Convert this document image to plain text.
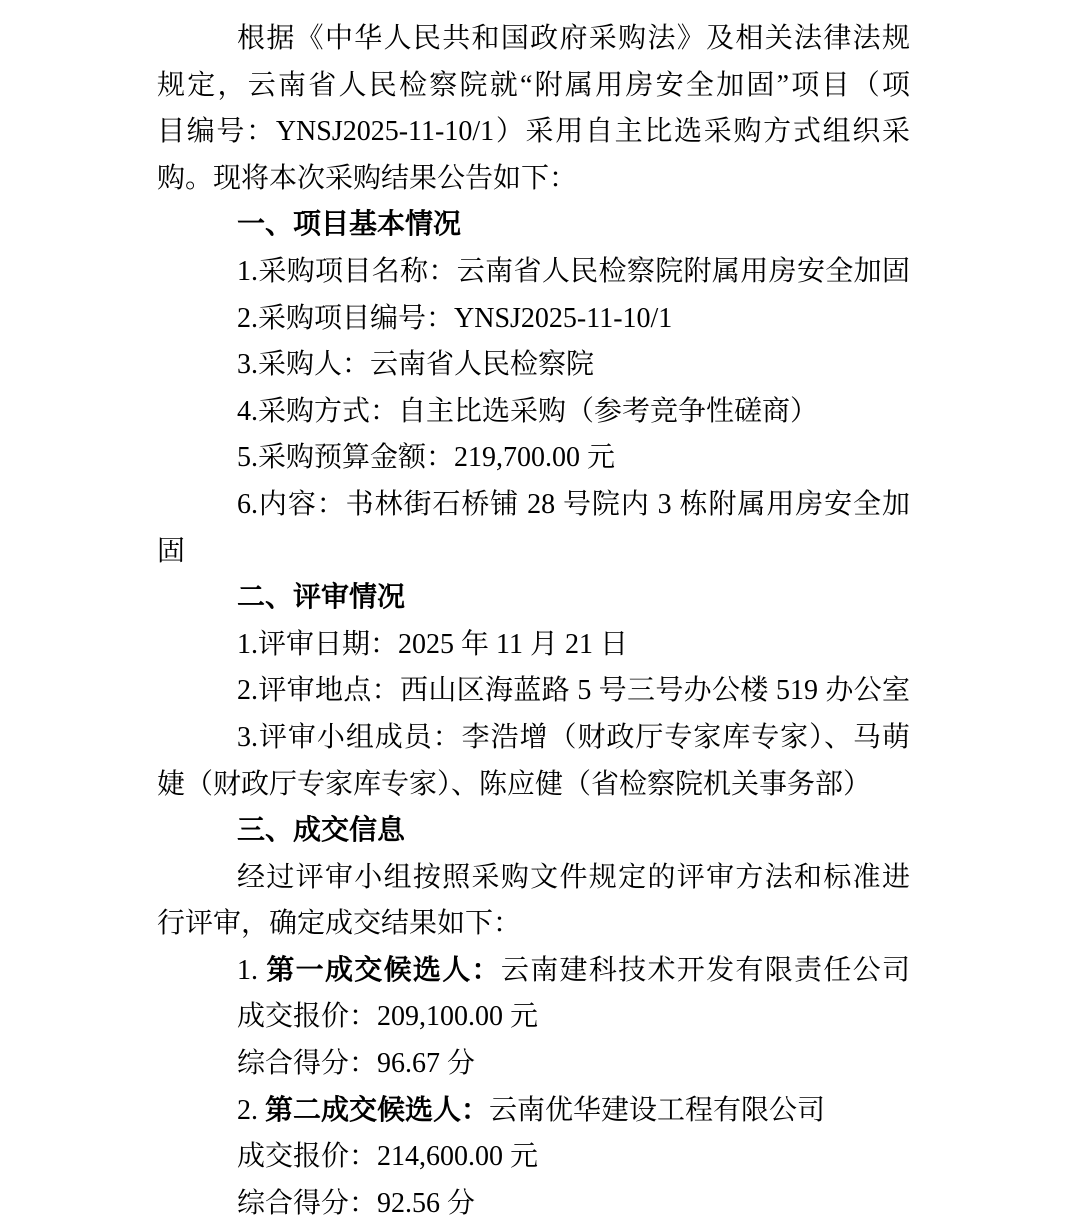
根据《中华人民共和国政府采购法》及相关法律法规
规定，云南省人民检察院就“附属用房安全加固”项目（项
目编号：YNSJ2025-11-10/1）采用自主比选采购方式组织采
购。现将本次采购结果公告如下：
一、项目基本情况
1.采购项目名称：云南省人民检察院附属用房安全加固
2.采购项目编号：YNSJ2025-11-10/1
3.采购人：云南省人民检察院
4.采购方式：自主比选采购（参考竞争性磋商）
5.采购预算金额：219,700.00 元
6.内容：书林街石桥铺 28 号院内 3 栋附属用房安全加
固
二、评审情况
1.评审日期：2025 年 11 月 21 日
2.评审地点：西山区海蓝路 5 号三号办公楼 519 办公室
3.评审小组成员：李浩增（财政厅专家库专家）、马萌
婕（财政厅专家库专家）、陈应健（省检察院机关事务部）
三、成交信息
经过评审小组按照采购文件规定的评审方法和标准进
行评审，确定成交结果如下：
1. 第一成交候选人：云南建科技术开发有限责任公司
成交报价：209,100.00 元
综合得分：96.67 分
2. 第二成交候选人：云南优华建设工程有限公司
成交报价：214,600.00 元
综合得分：92.56 分
